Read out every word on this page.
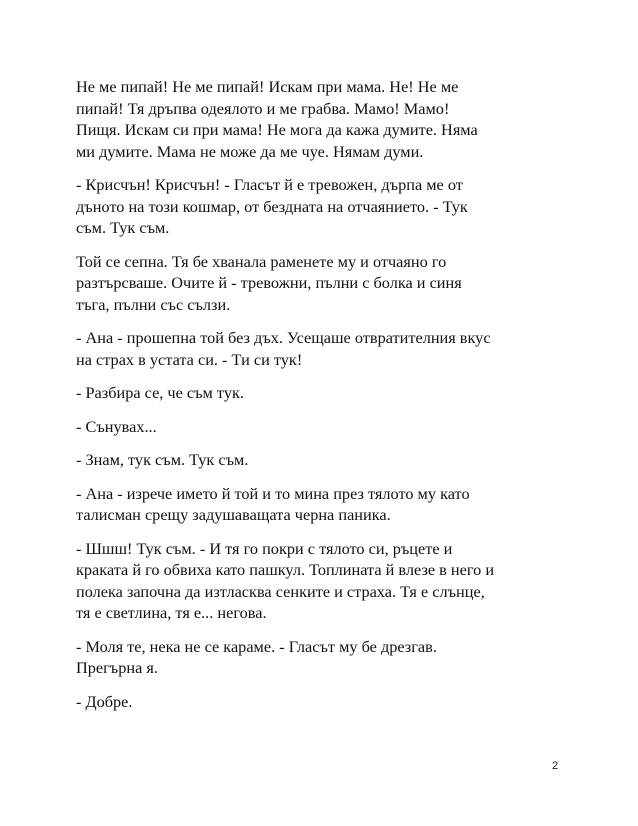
Не ме пипай! Не ме пипай! Искам при мама. Не! Не ме
пипай! Тя дръпва одеялото и ме грабва. Мамо! Мамо!
Пищя. Искам си при мама! Не мога да кажа думите. Няма
ми думите. Мама не може да ме чуе. Нямам думи.

- Крисчън! Крисчън! - Гласът й е тревожен, дърпа ме от
дъното на този кошмар, от бездната на отчаянието. - Тук
съм. Тук съм.

Той се сепна. Тя бе хванала раменете му и отчаяно го
разтърсваше. Очите й - тревожни, пълни с болка и синя
тъга, пълни със сълзи.

- Ана - прошепна той без дъх. Усещаше отвратителния вкус
на страх в устата си. - Ти си тук!

- Разбира се, че съм тук.

- Сънувах...

- Знам, тук съм. Тук съм.

- Ана - изрече името й той и то мина през тялото му като
талисман срещу задушаващата черна паника.

- Шшш! Тук съм. - И тя го покри с тялото си, ръцете и
краката й го обвиха като пашкул. Топлината й влезе в него и
полека започна да изтласква сенките и страха. Тя е слънце,
тя е светлина, тя е... негова.

- Моля те, нека не се караме. - Гласът му бе дрезгав.
Прегърна я.

- Добре.

2
